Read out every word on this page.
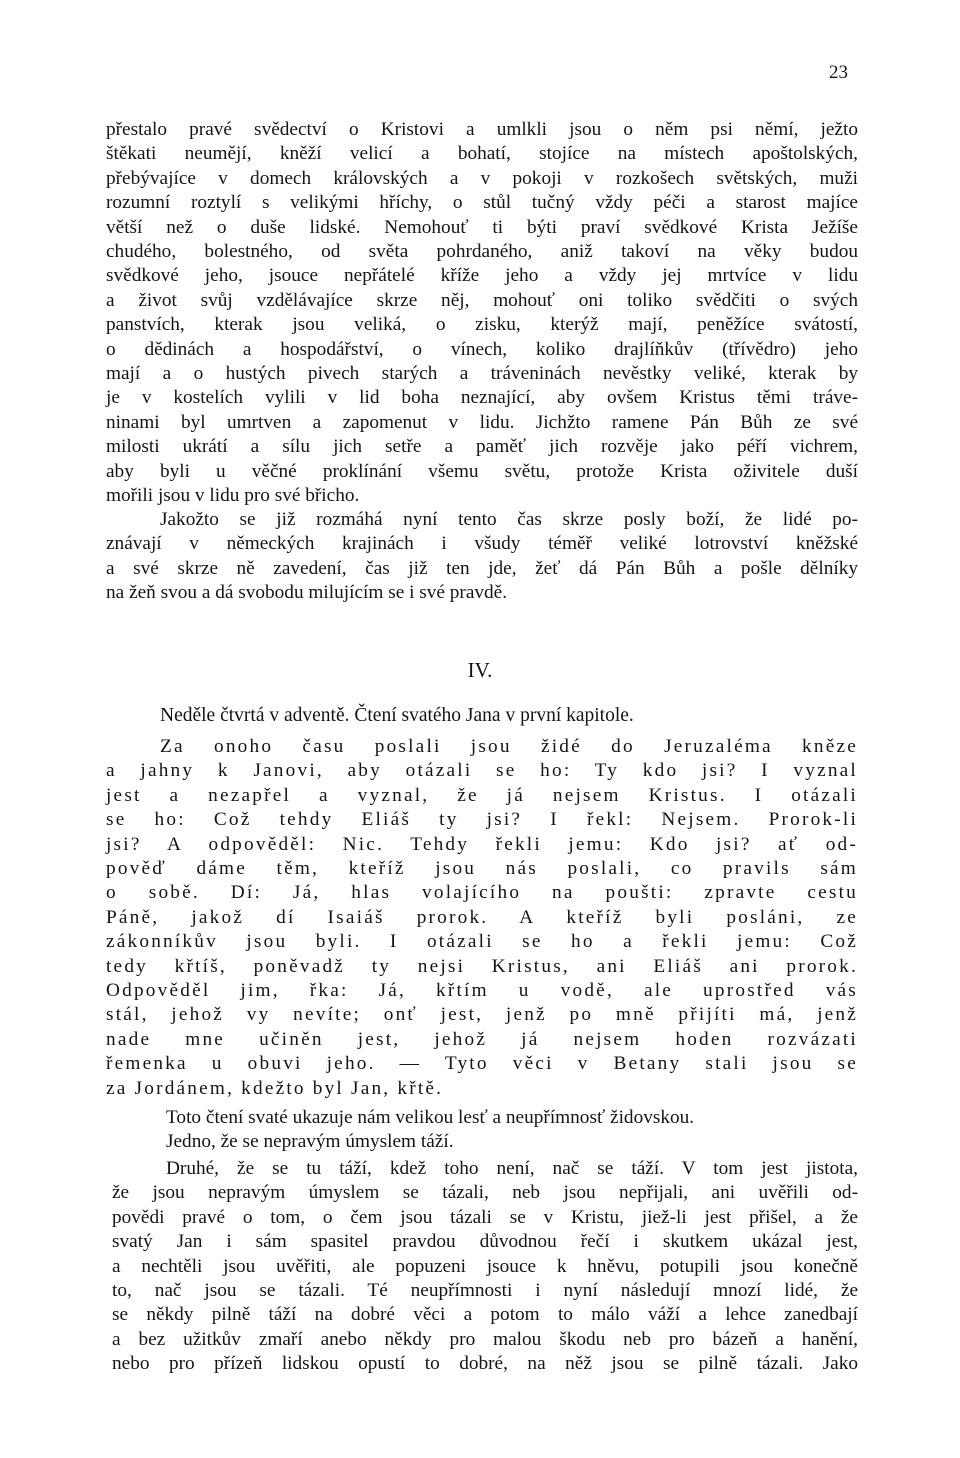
23
přestalo pravé svědectví o Kristovi a umlkli jsou o něm psi němí, ježto
štěkati neumějí, kněží velicí a bohatí, stojíce na místech apoštolských,
přebývajíce v domech královských a v pokoji v rozkošech světských, muži
rozumní roztylí s velikými hříchy, o stůl tučný vždy péči a starost majíce
větší než o duše lidské. Nemohouť ti býti praví svědkové Krista Ježíše
chudého, bolestného, od světa pohrdaného, aniž takoví na věky budou
svědkové jeho, jsouce nepřátelé kříže jeho a vždy jej mrtvíce v lidu
a život svůj vzdělávajíce skrze něj, mohouť oni toliko svědčiti o svých
panstvích, kterak jsou veliká, o zisku, kterýž mají, peněžíce svátostí,
o dědinách a hospodářství, o vínech, koliko drajlíňkův (třívědro) jeho
mají a o hustých pivech starých a tráveninách nevěstky veliké, kterak by
je v kostelích vylili v lid boha neznající, aby ovšem Kristus těmi tráve-
ninami byl umrtven a zapomenut v lidu. Jichžto ramene Pán Bůh ze své
milosti ukrátí a sílu jich setře a paměť jich rozvěje jako péří vichrem,
aby byli u věčné proklínání všemu světu, protože Krista oživitele duší
mořili jsou v lidu pro své břicho.
Jakožto se již rozmáhá nyní tento čas skrze posly boží, že lidé po-
znávají v německých krajinách i všudy téměř veliké lotrovství kněžské
a své skrze ně zavedení, čas již ten jde, žeť dá Pán Bůh a pošle dělníky
na žeň svou a dá svobodu milujícím se i své pravdě.
IV.
Neděle čtvrtá v adventě. Čtení svatého Jana v první kapitole.
Za onoho času poslali jsou židé do Jeruzaléma kněze
a jahny k Janovi, aby otázali se ho: Ty kdo jsi? I vyznal
jest a nezapřel a vyznal, že já nejsem Kristus. I otázali
se ho: Což tehdy Eliáš ty jsi? I řekl: Nejsem. Prorok-li
jsi? A odpověděl: Nic. Tehdy řekli jemu: Kdo jsi? ať od-
pověď dáme těm, kteříž jsou nás poslali, co pravils sám
o sobě. Dí: Já, hlas volajícího na poušti: zpravte cestu
Páně, jakož dí Isaiáš prorok. A kteříž byli posláni, ze
zákonníkův jsou byli. I otázali se ho a řekli jemu: Což
tedy křtíš, poněvadž ty nejsi Kristus, ani Eliáš ani prorok.
Odpověděl jim, řka: Já, křtím u vodě, ale uprostřed vás
stál, jehož vy nevíte; onť jest, jenž po mně přijíti má, jenž
nade mne učiněn jest, jehož já nejsem hoden rozvázati
řemenka u obuvi jeho. — Tyto věci v Betany stali jsou se
za Jordánem, kdežto byl Jan, křtě.
Toto čtení svaté ukazuje nám velikou lesť a neupřímnosť židovskou.
Jedno, že se nepravým úmyslem táží.
Druhé, že se tu táží, kdež toho není, nač se táží. V tom jest jistota,
že jsou nepravým úmyslem se tázali, neb jsou nepřijali, ani uvěřili od-
povědi pravé o tom, o čem jsou tázali se v Kristu, jiež-li jest přišel, a že
svatý Jan i sám spasitel pravdou důvodnou řečí i skutkem ukázal jest,
a nechtěli jsou uvěřiti, ale popuzeni jsouce k hněvu, potupili jsou konečně
to, nač jsou se tázali. Té neupřímnosti i nyní následují mnozí lidé, že
se někdy pilně táží na dobré věci a potom to málo váží a lehce zanedbají
a bez užitkův zmaří anebo někdy pro malou škodu neb pro bázeň a hanění,
nebo pro přízeň lidskou opustí to dobré, na něž jsou se pilně tázali. Jako
